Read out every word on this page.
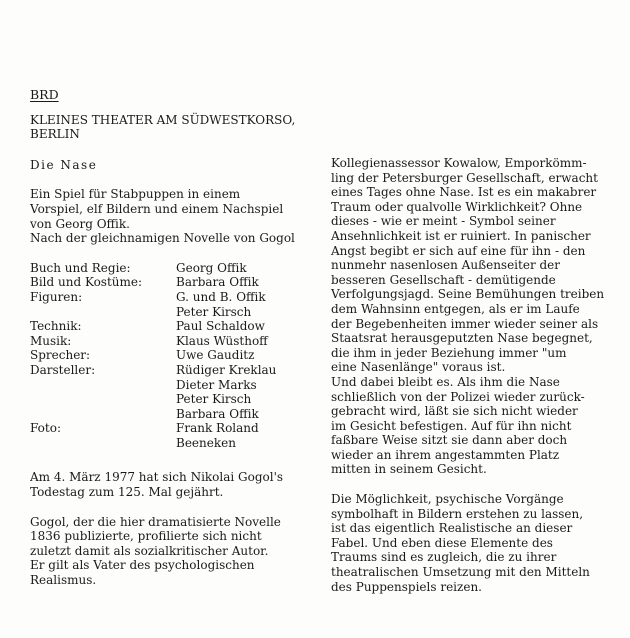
BRD
KLEINES THEATER AM SÜDWESTKORSO,
BERLIN
Die Nase
Ein Spiel für Stabpuppen in einem
Vorspiel, elf Bildern und einem Nachspiel
von Georg Offik.
Nach der gleichnamigen Novelle von Gogol
Buch und Regie:	Georg Offik
Bild und Kostüme:	Barbara Offik
Figuren:	G. und B. Offik
	Peter Kirsch
Technik:	Paul Schaldow
Musik:	Klaus Wüsthoff
Sprecher:	Uwe Gauditz
Darsteller:	Rüdiger Kreklau
	Dieter Marks
	Peter Kirsch
	Barbara Offik
Foto:	Frank Roland
	Beeneken
Am 4. März 1977 hat sich Nikolai Gogol's
Todestag zum 125. Mal gejährt.
Gogol, der die hier dramatisierte Novelle
1836 publizierte, profilierte sich nicht
zuletzt damit als sozialkritischer Autor.
Er gilt als Vater des psychologischen
Realismus.
Kollegienassessor Kowalow, Emporkömm-
ling der Petersburger Gesellschaft, erwacht
eines Tages ohne Nase. Ist es ein makabrer
Traum oder qualvolle Wirklichkeit? Ohne
dieses - wie er meint - Symbol seiner
Ansehnlichkeit ist er ruiniert. In panischer
Angst begibt er sich auf eine für ihn - den
nunmehr nasenlosen Außenseiter der
besseren Gesellschaft - demütigende
Verfolgungsjagd. Seine Bemühungen treiben
dem Wahnsinn entgegen, als er im Laufe
der Begebenheiten immer wieder seiner als
Staatsrat herausgeputzten Nase begegnet,
die ihm in jeder Beziehung immer "um
eine Nasenlänge" voraus ist.
Und dabei bleibt es. Als ihm die Nase
schließlich von der Polizei wieder zurück-
gebracht wird, läßt sie sich nicht wieder
im Gesicht befestigen. Auf für ihn nicht
faßbare Weise sitzt sie dann aber doch
wieder an ihrem angestammten Platz
mitten in seinem Gesicht.
Die Möglichkeit, psychische Vorgänge
symbolhaft in Bildern erstehen zu lassen,
ist das eigentlich Realistische an dieser
Fabel. Und eben diese Elemente des
Traums sind es zugleich, die zu ihrer
theatralischen Umsetzung mit den Mitteln
des Puppenspiels reizen.
